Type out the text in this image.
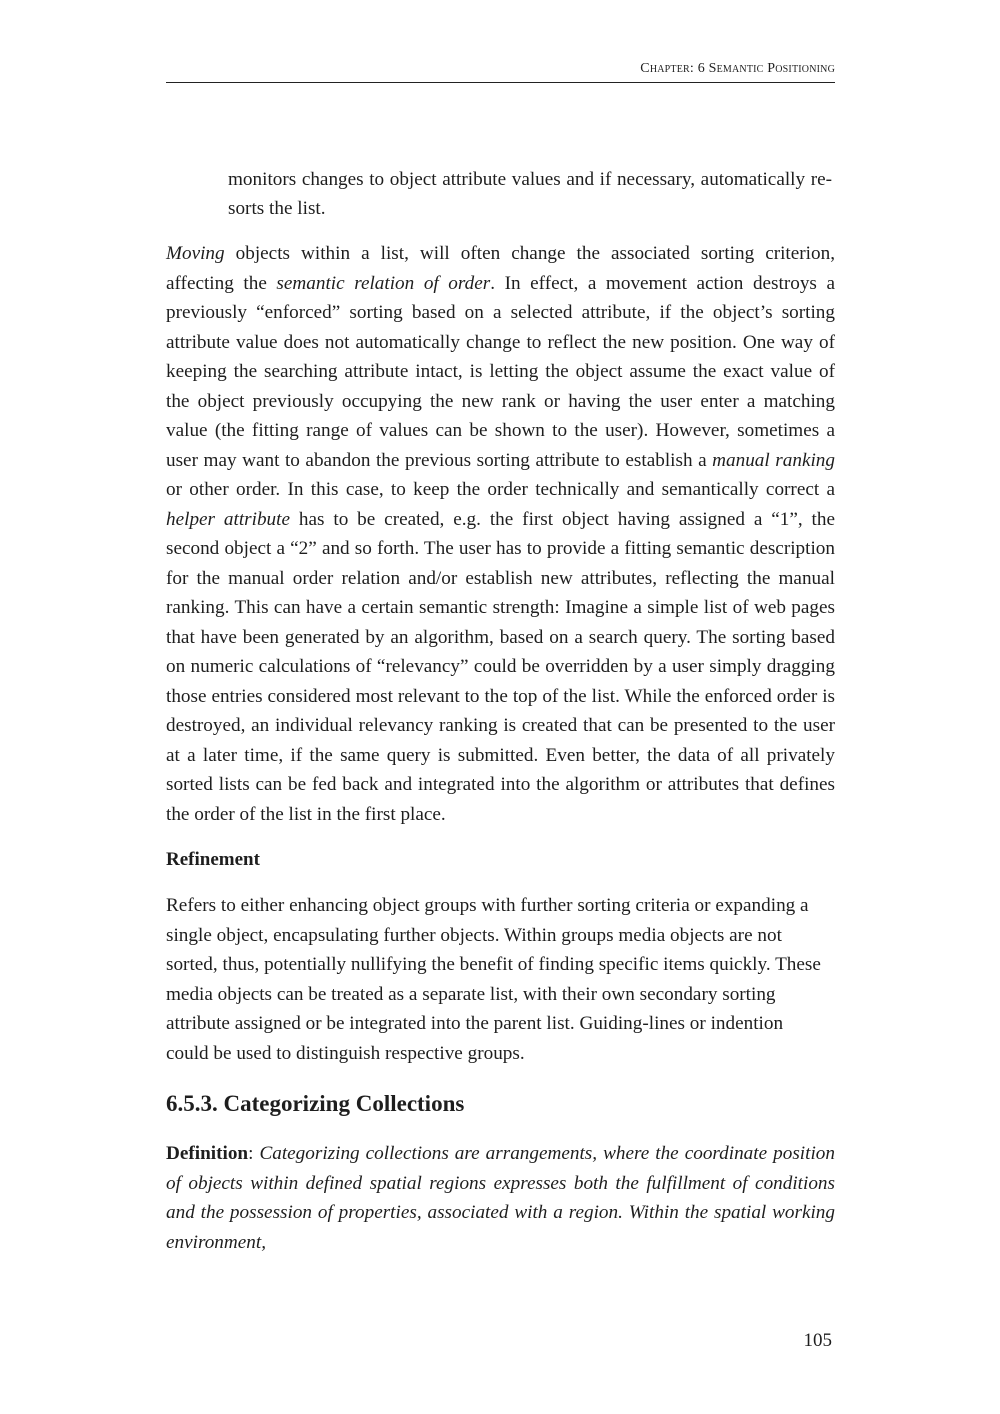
Chapter: 6 Semantic Positioning

monitors changes to object attribute values and if necessary, automatically re-sorts the list.

Moving objects within a list, will often change the associated sorting criterion, affecting the semantic relation of order. In effect, a movement action destroys a previously “enforced” sorting based on a selected attribute, if the object’s sorting attribute value does not automatically change to reflect the new position. One way of keeping the searching attribute intact, is letting the object assume the exact value of the object previously occupying the new rank or having the user enter a matching value (the fitting range of values can be shown to the user). However, sometimes a user may want to abandon the previous sorting attribute to establish a manual ranking or other order. In this case, to keep the order technically and semantically correct a helper attribute has to be created, e.g. the first object having assigned a “1”, the second object a “2” and so forth. The user has to provide a fitting semantic description for the manual order relation and/or establish new attributes, reflecting the manual ranking. This can have a certain semantic strength: Imagine a simple list of web pages that have been generated by an algorithm, based on a search query. The sorting based on numeric calculations of “relevancy” could be overridden by a user simply dragging those entries considered most relevant to the top of the list. While the enforced order is destroyed, an individual relevancy ranking is created that can be presented to the user at a later time, if the same query is submitted. Even better, the data of all privately sorted lists can be fed back and integrated into the algorithm or attributes that defines the order of the list in the first place.

Refinement

Refers to either enhancing object groups with further sorting criteria or expanding a single object, encapsulating further objects. Within groups media objects are not sorted, thus, potentially nullifying the benefit of finding specific items quickly. These media objects can be treated as a separate list, with their own secondary sorting attribute assigned or be integrated into the parent list. Guiding-lines or indention could be used to distinguish respective groups.

6.5.3. Categorizing Collections

Definition: Categorizing collections are arrangements, where the coordinate position of objects within defined spatial regions expresses both the fulfillment of conditions and the possession of properties, associated with a region. Within the spatial working environment,

105
